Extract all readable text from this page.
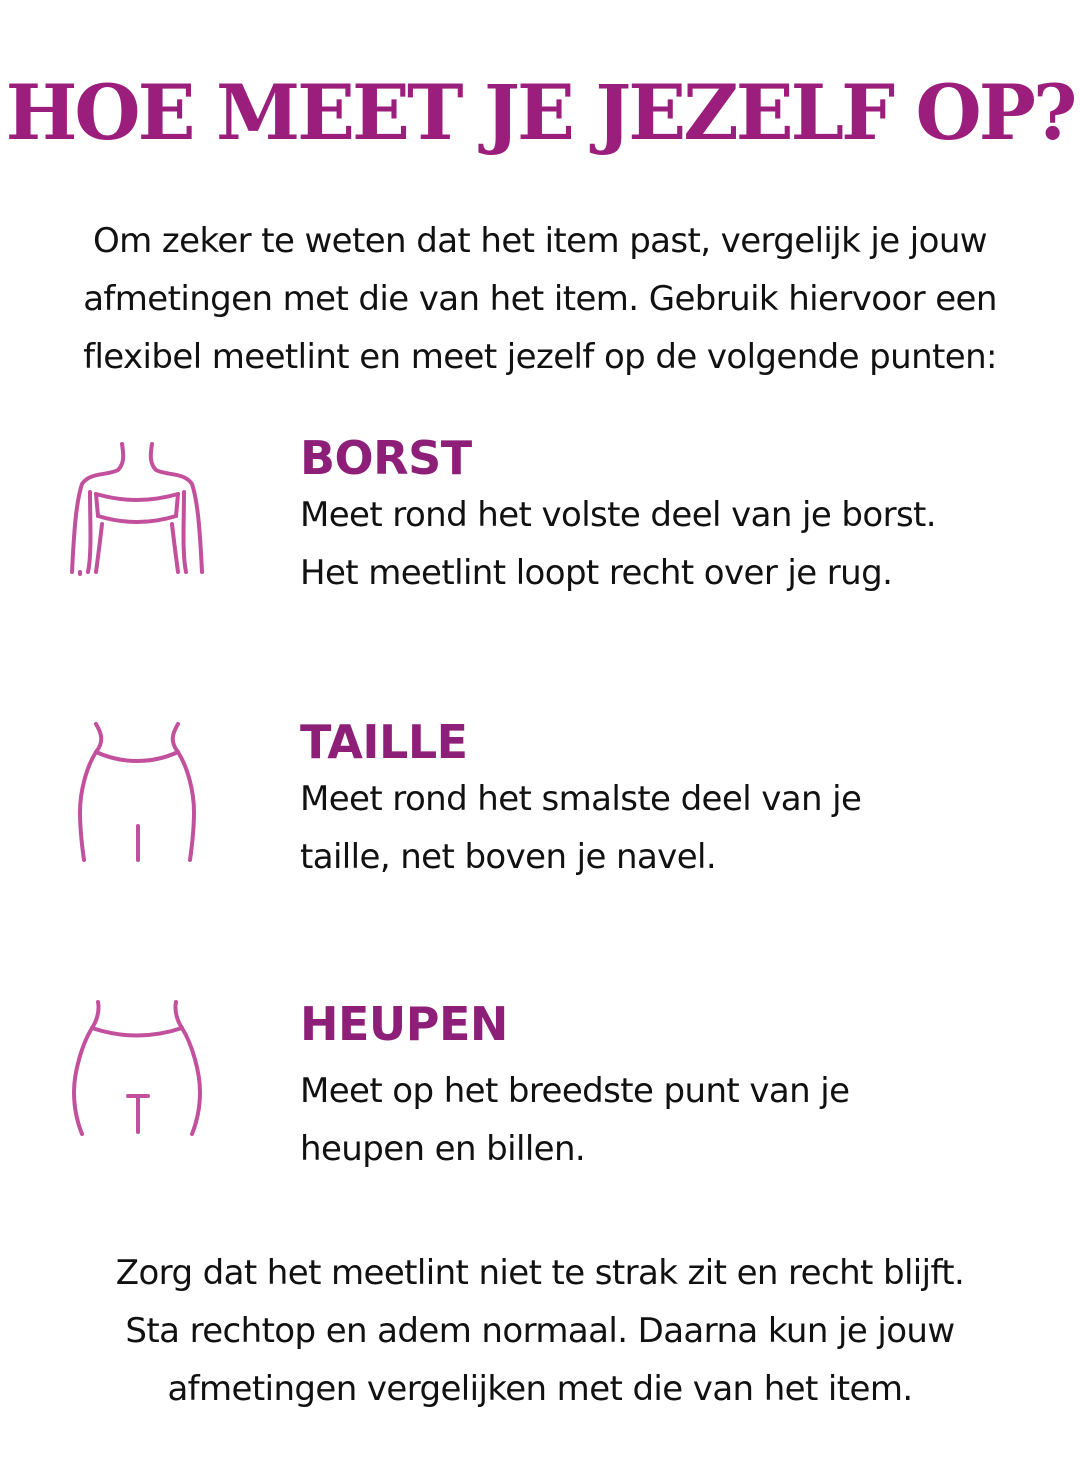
HOE MEET JE JEZELF OP?
Om zeker te weten dat het item past, vergelijk je jouw
afmetingen met die van het item. Gebruik hiervoor een
flexibel meetlint en meet jezelf op de volgende punten:
BORST
Meet rond het volste deel van je borst.
Het meetlint loopt recht over je rug.
TAILLE
Meet rond het smalste deel van je
taille, net boven je navel.
HEUPEN
Meet op het breedste punt van je
heupen en billen.
Zorg dat het meetlint niet te strak zit en recht blijft.
Sta rechtop en adem normaal. Daarna kun je jouw
afmetingen vergelijken met die van het item.
